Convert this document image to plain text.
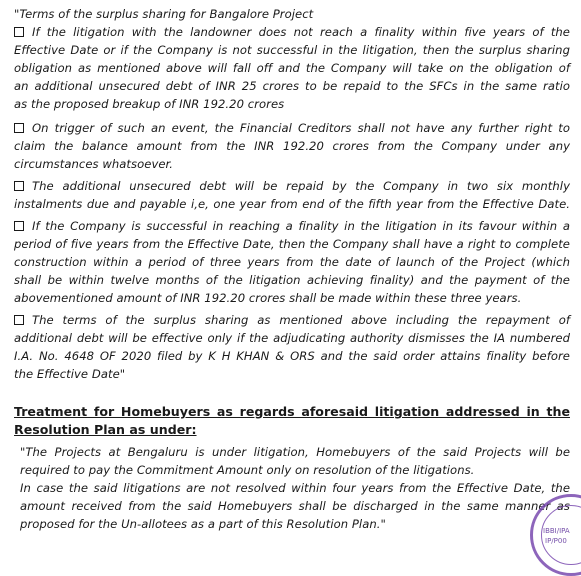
"Terms of the surplus sharing for Bangalore Project
If the litigation with the landowner does not reach a finality within five years of the
Effective Date or if the Company is not successful in the litigation, then the surplus sharing
obligation as mentioned above will fall off and the Company will take on the obligation of
an additional unsecured debt of INR 25 crores to be repaid to the SFCs in the same ratio
as the proposed breakup of INR 192.20 crores
On trigger of such an event, the Financial Creditors shall not have any further right to
claim the balance amount from the INR 192.20 crores from the Company under any
circumstances whatsoever.
The additional unsecured debt will be repaid by the Company in two six monthly
instalments due and payable i,e, one year from end of the fifth year from the Effective Date.
If the Company is successful in reaching a finality in the litigation in its favour within a
period of five years from the Effective Date, then the Company shall have a right to complete
construction within a period of three years from the date of launch of the Project (which
shall be within twelve months of the litigation achieving finality) and the payment of the
abovementioned amount of INR 192.20 crores shall be made within these three years.
The terms of the surplus sharing as mentioned above including the repayment of
additional debt will be effective only if the adjudicating authority dismisses the IA numbered
I.A. No. 4648 OF 2020 filed by K H KHAN & ORS and the said order attains finality before
the Effective Date"
Treatment for Homebuyers as regards aforesaid litigation addressed in the
Resolution Plan as under:
"The Projects at Bengaluru is under litigation, Homebuyers of the said Projects will be
required to pay the Commitment Amount only on resolution of the litigations.
In case the said litigations are not resolved within four years from the Effective Date, the
amount received from the said Homebuyers shall be discharged in the same manner as
proposed for the Un-allotees as a part of this Resolution Plan."	IBBI/IPA
IP/P00
